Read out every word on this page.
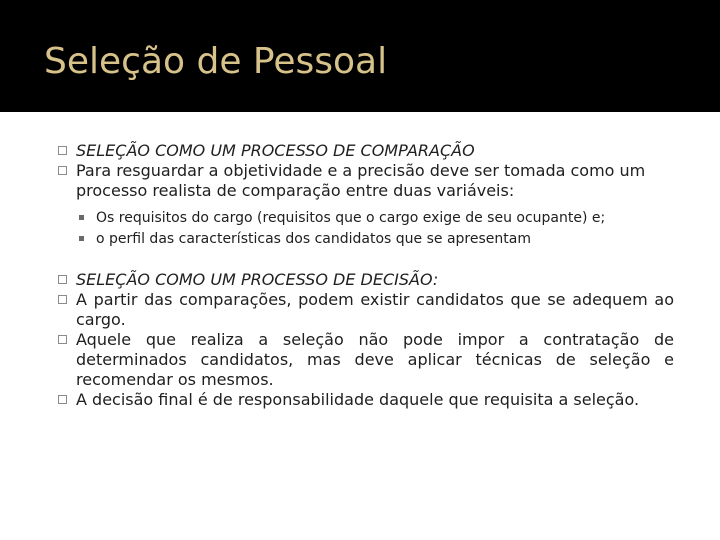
Seleção de Pessoal
SELEÇÃO COMO UM PROCESSO DE COMPARAÇÃO
Para resguardar a objetividade e a precisão deve ser tomada como um processo realista de comparação entre duas variáveis:
Os requisitos do cargo (requisitos que o cargo exige de seu ocupante) e;
o perfil das características dos candidatos que se apresentam
SELEÇÃO COMO UM PROCESSO DE DECISÃO:
A partir das comparações, podem existir candidatos que se adequem ao cargo.
Aquele que realiza a seleção não pode impor a contratação de determinados candidatos, mas deve aplicar técnicas de seleção e recomendar os mesmos.
A decisão final é de responsabilidade daquele que requisita a seleção.
